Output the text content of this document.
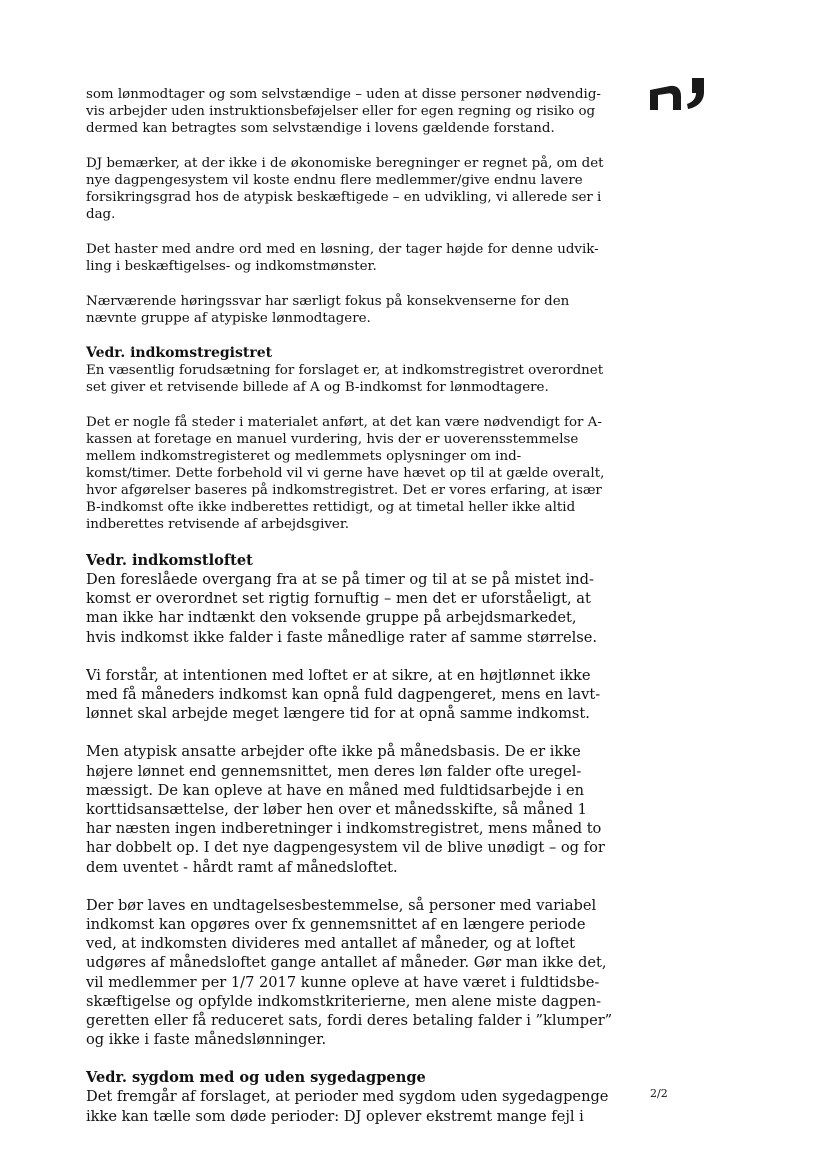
som lønmodtager og som selvstændige – uden at disse personer nødvendig-
vis arbejder uden instruktionsbeføjelser eller for egen regning og risiko og
dermed kan betragtes som selvstændige i lovens gældende forstand.

DJ bemærker, at der ikke i de økonomiske beregninger er regnet på, om det
nye dagpengesystem vil koste endnu flere medlemmer/give endnu lavere
forsikringsgrad hos de atypisk beskæftigede – en udvikling, vi allerede ser i
dag.

Det haster med andre ord med en løsning, der tager højde for denne udvik-
ling i beskæftigelses- og indkomstmønster.

Nærværende høringssvar har særligt fokus på konsekvenserne for den
nævnte gruppe af atypiske lønmodtagere.

Vedr. indkomstregistret

En væsentlig forudsætning for forslaget er, at indkomstregistret overordnet
set giver et retvisende billede af A og B-indkomst for lønmodtagere.

Det er nogle få steder i materialet anført, at det kan være nødvendigt for A-
kassen at foretage en manuel vurdering, hvis der er uoverensstemmelse
mellem indkomstregisteret og medlemmets oplysninger om ind-
komst/timer. Dette forbehold vil vi gerne have hævet op til at gælde overalt,
hvor afgørelser baseres på indkomstregistret. Det er vores erfaring, at især
B-indkomst ofte ikke indberettes rettidigt, og at timetal heller ikke altid
indberettes retvisende af arbejdsgiver.

Vedr. indkomstloftet

Den foreslåede overgang fra at se på timer og til at se på mistet ind-
komst er overordnet set rigtig fornuftig – men det er uforståeligt, at
man ikke har indtænkt den voksende gruppe på arbejdsmarkedet,
hvis indkomst ikke falder i faste månedlige rater af samme størrelse.

Vi forstår, at intentionen med loftet er at sikre, at en højtlønnet ikke
med få måneders indkomst kan opnå fuld dagpengeret, mens en lavt-
lønnet skal arbejde meget længere tid for at opnå samme indkomst.

Men atypisk ansatte arbejder ofte ikke på månedsbasis. De er ikke
højere lønnet end gennemsnittet, men deres løn falder ofte uregel-
mæssigt. De kan opleve at have en måned med fuldtidsarbejde i en
korttidsansættelse, der løber hen over et månedsskifte, så måned 1
har næsten ingen indberetninger i indkomstregistret, mens måned to
har dobbelt op. I det nye dagpengesystem vil de blive unødigt – og for
dem uventet - hårdt ramt af månedsloftet.

Der bør laves en undtagelsesbestemmelse, så personer med variabel
indkomst kan opgøres over fx gennemsnittet af en længere periode
ved, at indkomsten divideres med antallet af måneder, og at loftet
udgøres af månedsloftet gange antallet af måneder. Gør man ikke det,
vil medlemmer per 1/7 2017 kunne opleve at have været i fuldtidsbe-
skæftigelse og opfylde indkomstkriterierne, men alene miste dagpen-
geretten eller få reduceret sats, fordi deres betaling falder i ”klumper”
og ikke i faste månedslønninger.

Vedr. sygdom med og uden sygedagpenge

Det fremgår af forslaget, at perioder med sygdom uden sygedagpenge
ikke kan tælle som døde perioder: DJ oplever ekstremt mange fejl i

2/2
